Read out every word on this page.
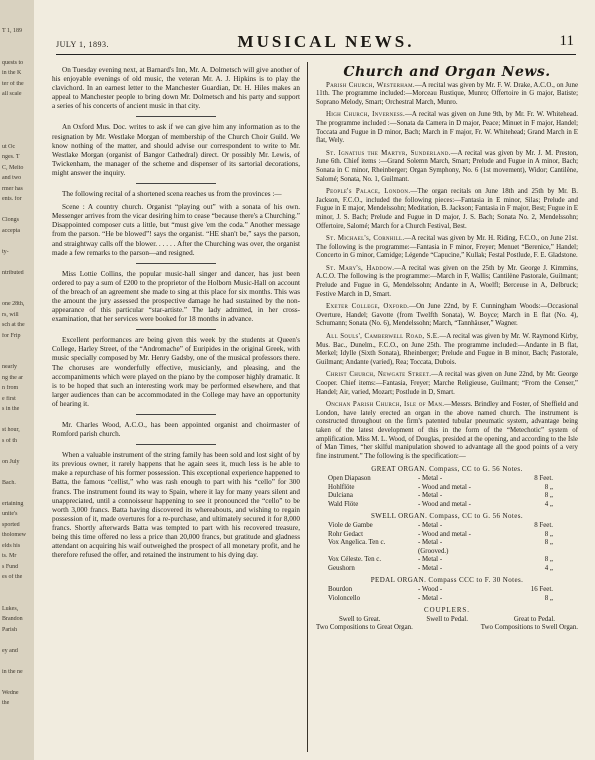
T 1, 189
quests to
in the K
ter of the
all scale
ut Oc
nges. T
C, Melto
and two
rmer has
ents. for
Clongs
accepta
ty-
ntributed
one 28th,
rs, will
sch at the
for Frip
nearly
ng the ar
n from
e first
s in the
st hour,
s of th
on July
Bach.
ertaining
unite's
sported
tholomew
elds his
ts. Mr
s Fund
es of the
Lukes,
Brandon
Parish
ey and
in the ne
Wedne
the
JULY 1, 1893.	MUSICAL NEWS.	11

On Tuesday evening next, at Barnard's Inn, Mr. A. Dolmetsch will give another of his enjoyable evenings of old music, the veteran Mr. A. J. Hipkins is to play the clavichord. In an earnest letter to the Manchester Guardian, Dr. H. Hiles makes an appeal to Manchester people to bring down Mr. Dolmetsch and his party and support a series of his concerts of ancient music in that city.

An Oxford Mus. Doc. writes to ask if we can give him any information as to the resignation by Mr. Westlake Morgan of membership of the Church Choir Guild. We know nothing of the matter, and should advise our correspondent to write to Mr. Westlake Morgan (organist of Bangor Cathedral) direct. Or possibly Mr. Lewis, of Twickenham, the manager of the scheme and dispenser of its sartorial decorations, might answer the inquiry.

The following recital of a shortened scena reaches us from the provinces :—

Scene : A country church. Organist “playing out” with a sonata of his own. Messenger arrives from the vicar desiring him to cease “because there's a Churching.” Disappointed composer cuts a little, but “must give 'em the coda.” Another message from the parson. “He be blowed”! says the organist. “HE shan't be,” says the parson, and straightway calls off the blower. . . . . . After the Churching was over, the organist made a few remarks to the parson—and resigned.

Miss Lottie Collins, the popular music-hall singer and dancer, has just been ordered to pay a sum of £200 to the proprietor of the Holborn Music-Hall on account of the breach of an agreement she made to sing at this place for six months. This was the amount the jury assessed the prospective damage he had sustained by the non-appearance of this particular “star-artiste.” The lady admitted, in her cross-examination, that her services were booked for 18 months in advance.

Excellent performances are being given this week by the students at Queen's College, Harley Street, of the “Andromache” of Euripides in the original Greek, with music specially composed by Mr. Henry Gadsby, one of the musical professors there. The choruses are wonderfully effective, musicianly, and pleasing, and the accompaniments which were played on the piano by the composer highly dramatic. It is to be hoped that such an interesting work may be performed elsewhere, and that larger audiences than can be accommodated in the College may have an opportunity of hearing it.

Mr. Charles Wood, A.C.O., has been appointed organist and choirmaster of Romford parish church.

When a valuable instrument of the string family has been sold and lost sight of by its previous owner, it rarely happens that he again sees it, much less is he able to make a repurchase of his former possession. This exceptional experience happened to Batta, the famous “cellist,” who was rash enough to part with his “cello” for 300 francs. The instrument found its way to Spain, where it lay for many years silent and unappreciated, until a connoisseur happening to see it pronounced the “cello” to be worth 3,000 francs. Batta having discovered its whereabouts, and wishing to regain possession of it, made overtures for a re-purchase, and ultimately secured it for 8,000 francs. Shortly afterwards Batta was tempted to part with his recovered treasure, being this time offered no less a price than 20,000 francs, but gratitude and gladness attendant on acquiring his waif outweighed the prospect of all monetary profit, and he therefore refused the offer, and retained the instrument to his dying day.

Church and Organ News.

Parish Church, Westerham.—A recital was given by Mr. F. W. Drake, A.C.O., on June 11th. The programme included:—Morceau Rustique, Munro; Offertoire in G major, Batiste; Soprano Melody, Smart; Orchestral March, Munro.

High Church, Inverness.—A recital was given on June 9th, by Mr. Fr. W. Whitehead. The programme included :—Sonata da Camera in D major, Peace; Minuet in F major, Handel; Toccata and Fugue in D minor, Bach; March in F major, Fr. W. Whitehead; Grand March in E flat, Wely.

St. Ignatius the Martyr, Sunderland.—A recital was given by Mr. J. M. Preston, June 6th. Chief items :—Grand Solemn March, Smart; Prelude and Fugue in A minor, Bach; Sonata in C minor, Rheinberger; Organ Symphony, No. 6 (1st movement), Widor; Cantilène, Salomé; Sonata, No. 1, Guilmant.

People's Palace, London.—The organ recitals on June 18th and 25th by Mr. B. Jackson, F.C.O., included the following pieces:—Fantasia in E minor, Silas; Prelude and Fugue in E major, Mendelssohn; Meditation, B. Jackson; Fantasia in F major, Best; Fugue in E minor, J. S. Bach; Prelude and Fugue in D major, J. S. Bach; Sonata No. 2, Mendelssohn; Offertoire, Salomé; March for a Church Festival, Best.

St. Michael's, Cornhill.—A recital was given by Mr. H. Riding, F.C.O., on June 21st. The following is the programme:—Fantasia in F minor, Freyer; Menuet “Berenice,” Handel; Concerto in G minor, Camidge; Légende “Capucine,” Kullak; Festal Postlude, F. E. Gladstone.

St. Mary's, Haddow.—A recital was given on the 25th by Mr. George J. Kimmins, A.C.O. The following is the programme:—March in F, Wallis; Cantilène Pastorale, Guilmant; Prelude and Fugue in G, Mendelssohn; Andante in A, Woelfl; Berceuse in A, Delbruck; Festive March in D, Smart.

Exeter College, Oxford.—On June 22nd, by F. Cunningham Woods:—Occasional Overture, Handel; Gavotte (from Twelfth Sonata), W. Boyce; March in E flat (No. 4), Schumann; Sonata (No. 6), Mendelssohn; March, “Tannhäuser,” Wagner.

All Souls', Camberwell Road, S.E.—A recital was given by Mr. W. Raymond Kirby, Mus. Bac., Dunelm., F.C.O., on June 25th. The programme included:—Andante in B flat, Merkel; Idylle (Sixth Sonata), Rheinberger; Prelude and Fugue in B minor, Bach; Pastorale, Guilmant; Andante (varied), Rea; Toccata, Dubois.

Christ Church, Newgate Street.—A recital was given on June 22nd, by Mr. George Cooper. Chief items:—Fantasia, Freyer; Marche Religieuse, Guilmant; “From the Censer,” Handel; Air, varied, Mozart; Postlude in D, Smart.

Onchan Parish Church, Isle of Man.—Messrs. Brindley and Foster, of Sheffield and London, have lately erected an organ in the above named church. The instrument is constructed throughout on the firm's patented tubular pneumatic system, advantage being taken of the latest development of this in the form of the “Metechotic” system of amplification. Miss M. L. Wood, of Douglas, presided at the opening, and according to the Isle of Man Times, “her skilful manipulation showed to advantage all the good points of a very fine instrument.” The following is the specification:—

GREAT ORGAN. Compass, CC to G. 56 Notes.
Open Diapason	- Metal -	8 Feet.
Hohlflöte	- Wood and metal -	8 „
Dulciana	- Metal -	8 „
Wald Flöte	- Wood and metal -	4 „
SWELL ORGAN. Compass, CC to G. 56 Notes.
Viole de Gambe	- Metal -	8 Feet.
Rohr Gedact	- Wood and metal -	8 „
Vox Angelica. Ten c.	- Metal -	8 „
(Grooved.)
Vox Céleste. Ten c.	- Metal -	8 „
Geushorn	- Metal -	4 „
PEDAL ORGAN. Compass CCC to F. 30 Notes.
Bourdon	- Wood -	16 Feet.
Violoncello	- Metal -	8 „
COUPLERS.
Swell to Great.	Swell to Pedal.	Great to Pedal.
Two Compositions to Great Organ.	Two Compositions to Swell Organ.
